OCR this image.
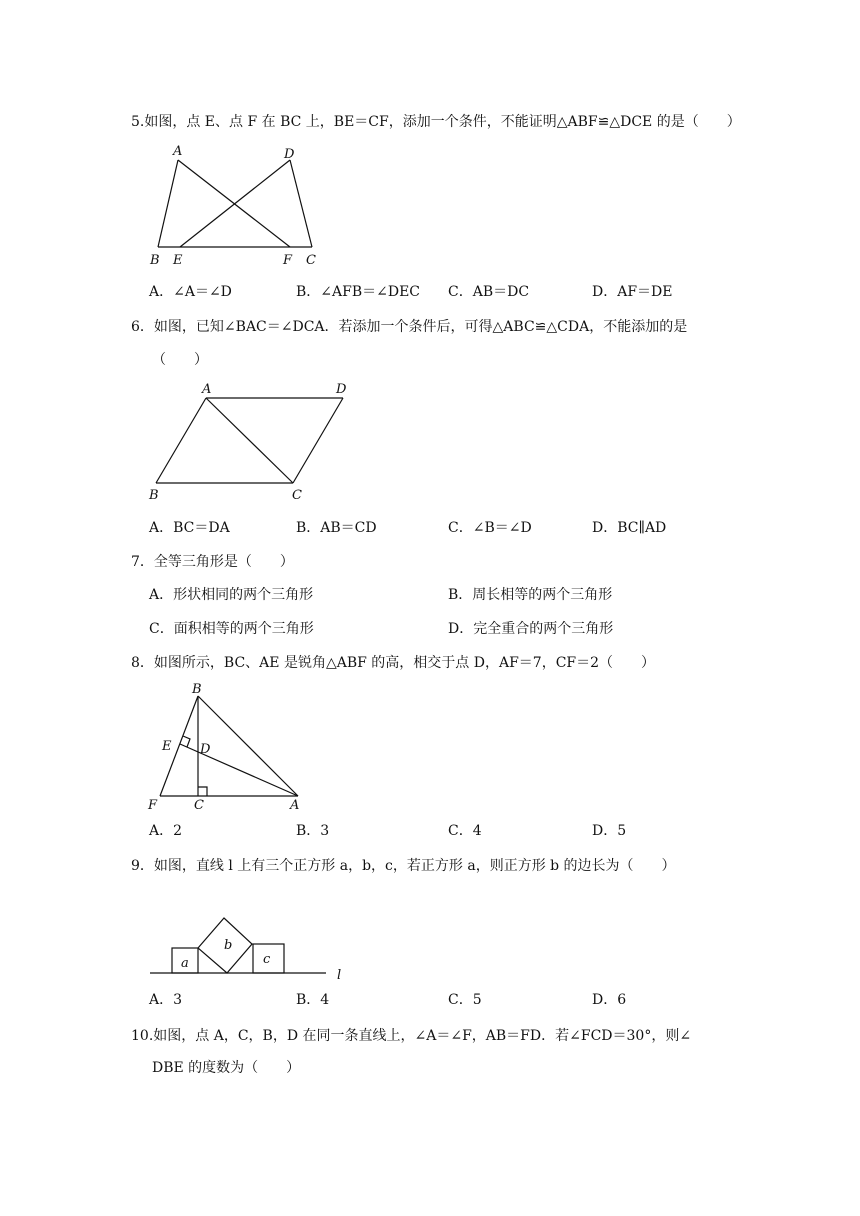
5.如图，点 E、点 F 在 BC 上，BE＝CF，添加一个条件，不能证明△ABF≌△DCE 的是（　　）
A	D
B E	F C
A．∠A＝∠D	B．∠AFB＝∠DEC C．AB＝DC	D．AF＝DE
6．如图，已知∠BAC＝∠DCA．若添加一个条件后，可得△ABC≌△CDA，不能添加的是
（　　）
A	D
B	C
A．BC＝DA	B．AB＝CD	C．∠B＝∠D	D．BC∥AD
7．全等三角形是（　　）
A．形状相同的两个三角形	B．周长相等的两个三角形
C．面积相等的两个三角形	D．完全重合的两个三角形
8．如图所示，BC、AE 是锐角△ABF 的高，相交于点 D，AF＝7，CF＝2（　　）
B
E D
F	C	A
A．2	B．3	C．4	D．5
9．如图，直线 l 上有三个正方形 a，b，c，若正方形 a，则正方形 b 的边长为（　　）
a
b
c
l
A．3	B．4	C．5	D．6
10.如图，点 A，C，B，D 在同一条直线上，∠A＝∠F，AB＝FD．若∠FCD＝30°，则∠
DBE 的度数为（　　）
